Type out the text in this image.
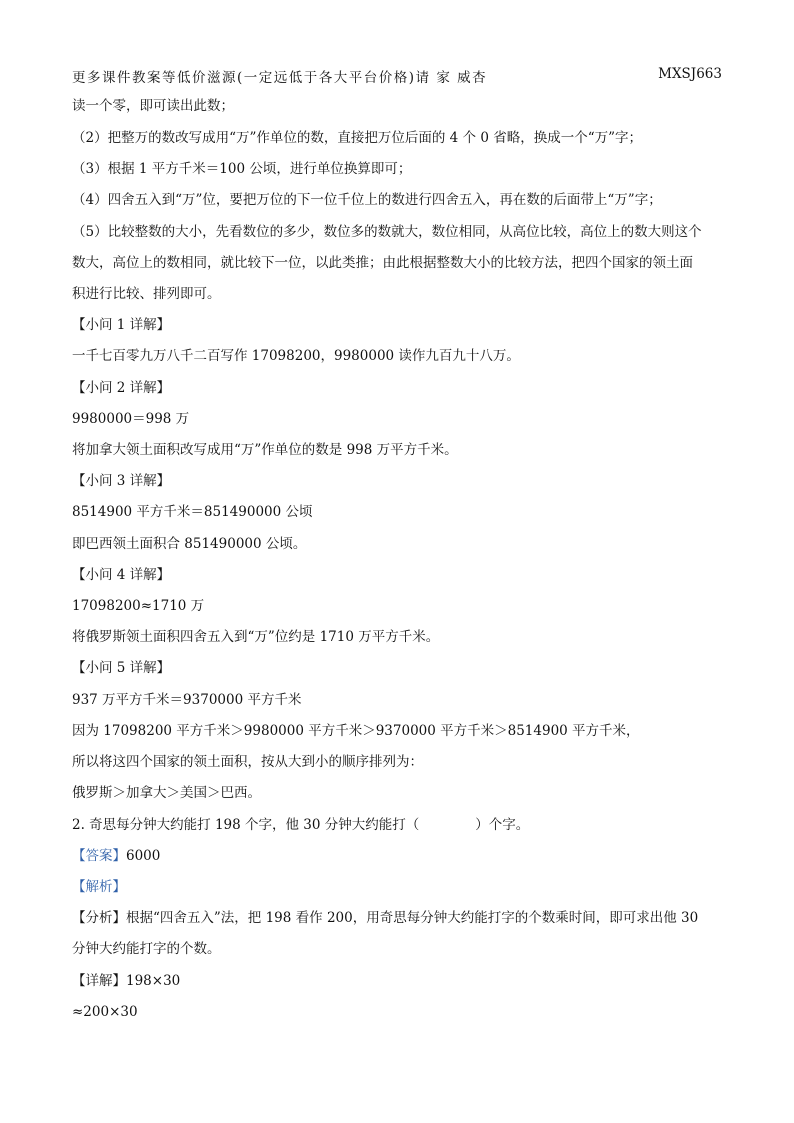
更多课件教案等低价滋源(一定远低于各大平台价格)请 家 威杏	MXSJ663
读一个零，即可读出此数；
（2）把整万的数改写成用“万”作单位的数，直接把万位后面的 4 个 0 省略，换成一个“万”字；
（3）根据 1 平方千米＝100 公顷，进行单位换算即可；
（4）四舍五入到“万”位，要把万位的下一位千位上的数进行四舍五入，再在数的后面带上“万”字；
（5）比较整数的大小，先看数位的多少，数位多的数就大，数位相同，从高位比较，高位上的数大则这个
数大，高位上的数相同，就比较下一位，以此类推；由此根据整数大小的比较方法，把四个国家的领土面
积进行比较、排列即可。
【小问 1 详解】
一千七百零九万八千二百写作 17098200，9980000 读作九百九十八万。
【小问 2 详解】
9980000＝998 万
将加拿大领土面积改写成用“万”作单位的数是 998 万平方千米。
【小问 3 详解】
8514900 平方千米＝851490000 公顷
即巴西领土面积合 851490000 公顷。
【小问 4 详解】
17098200≈1710 万
将俄罗斯领土面积四舍五入到“万”位约是 1710 万平方千米。
【小问 5 详解】
937 万平方千米＝9370000 平方千米
因为 17098200 平方千米＞9980000 平方千米＞9370000 平方千米＞8514900 平方千米，
所以将这四个国家的领土面积，按从大到小的顺序排列为：
俄罗斯＞加拿大＞美国＞巴西。
2. 奇思每分钟大约能打 198 个字，他 30 分钟大约能打（	）个字。
【答案】6000
【解析】
【分析】根据“四舍五入”法，把 198 看作 200，用奇思每分钟大约能打字的个数乘时间，即可求出他 30
分钟大约能打字的个数。
【详解】198×30
≈200×30
